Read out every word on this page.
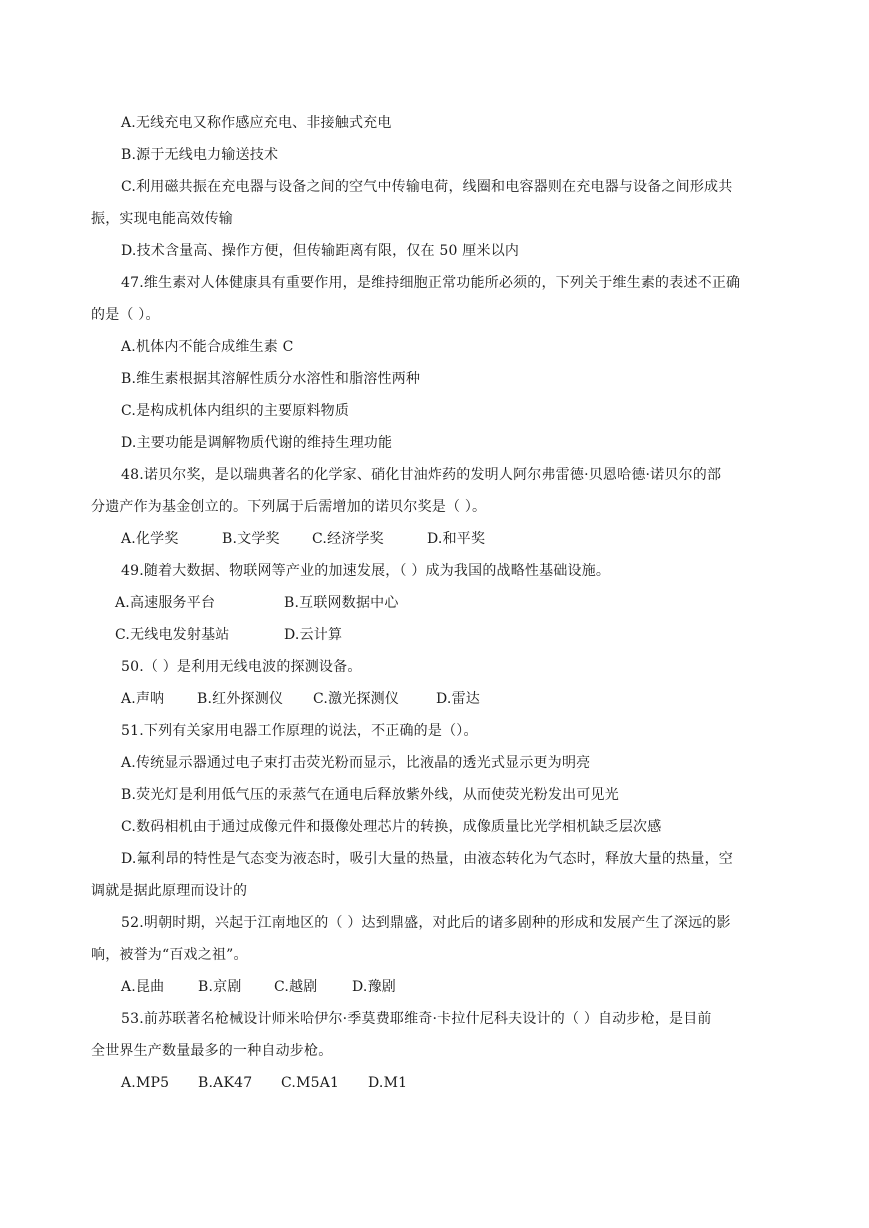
A.无线充电又称作感应充电、非接触式充电
B.源于无线电力输送技术
C.利用磁共振在充电器与设备之间的空气中传输电荷，线圈和电容器则在充电器与设备之间形成共
振，实现电能高效传输
D.技术含量高、操作方便，但传输距离有限，仅在 50 厘米以内
47.维生素对人体健康具有重要作用，是维持细胞正常功能所必须的，下列关于维生素的表述不正确
的是（ ）。
A.机体内不能合成维生素 C
B.维生素根据其溶解性质分水溶性和脂溶性两种
C.是构成机体内组织的主要原料物质
D.主要功能是调解物质代谢的维持生理功能
48.诺贝尔奖，是以瑞典著名的化学家、硝化甘油炸药的发明人阿尔弗雷德·贝恩哈德·诺贝尔的部
分遗产作为基金创立的。下列属于后需增加的诺贝尔奖是（ ）。
A.化学奖	B.文学奖 C.经济学奖	D.和平奖
49.随着大数据、物联网等产业的加速发展，（ ）成为我国的战略性基础设施。
A.高速服务平台	B.互联网数据中心
C.无线电发射基站	D.云计算
50.（ ）是利用无线电波的探测设备。
A.声呐 B.红外探测仪 C.激光探测仪	D.雷达
51.下列有关家用电器工作原理的说法，不正确的是（）。
A.传统显示器通过电子束打击荧光粉而显示，比液晶的透光式显示更为明亮
B.荧光灯是利用低气压的汞蒸气在通电后释放紫外线，从而使荧光粉发出可见光
C.数码相机由于通过成像元件和摄像处理芯片的转换，成像质量比光学相机缺乏层次感
D.氟利昂的特性是气态变为液态时，吸引大量的热量，由液态转化为气态时，释放大量的热量，空
调就是据此原理而设计的
52.明朝时期，兴起于江南地区的（ ）达到鼎盛，对此后的诸多剧种的形成和发展产生了深远的影
响，被誉为“百戏之祖”。
A.昆曲 B.京剧 C.越剧 D.豫剧
53.前苏联著名枪械设计师米哈伊尔·季莫费耶维奇·卡拉什尼科夫设计的（ ）自动步枪，是目前
全世界生产数量最多的一种自动步枪。
A.MP5 B.AK47 C.M5A1 D.M1
